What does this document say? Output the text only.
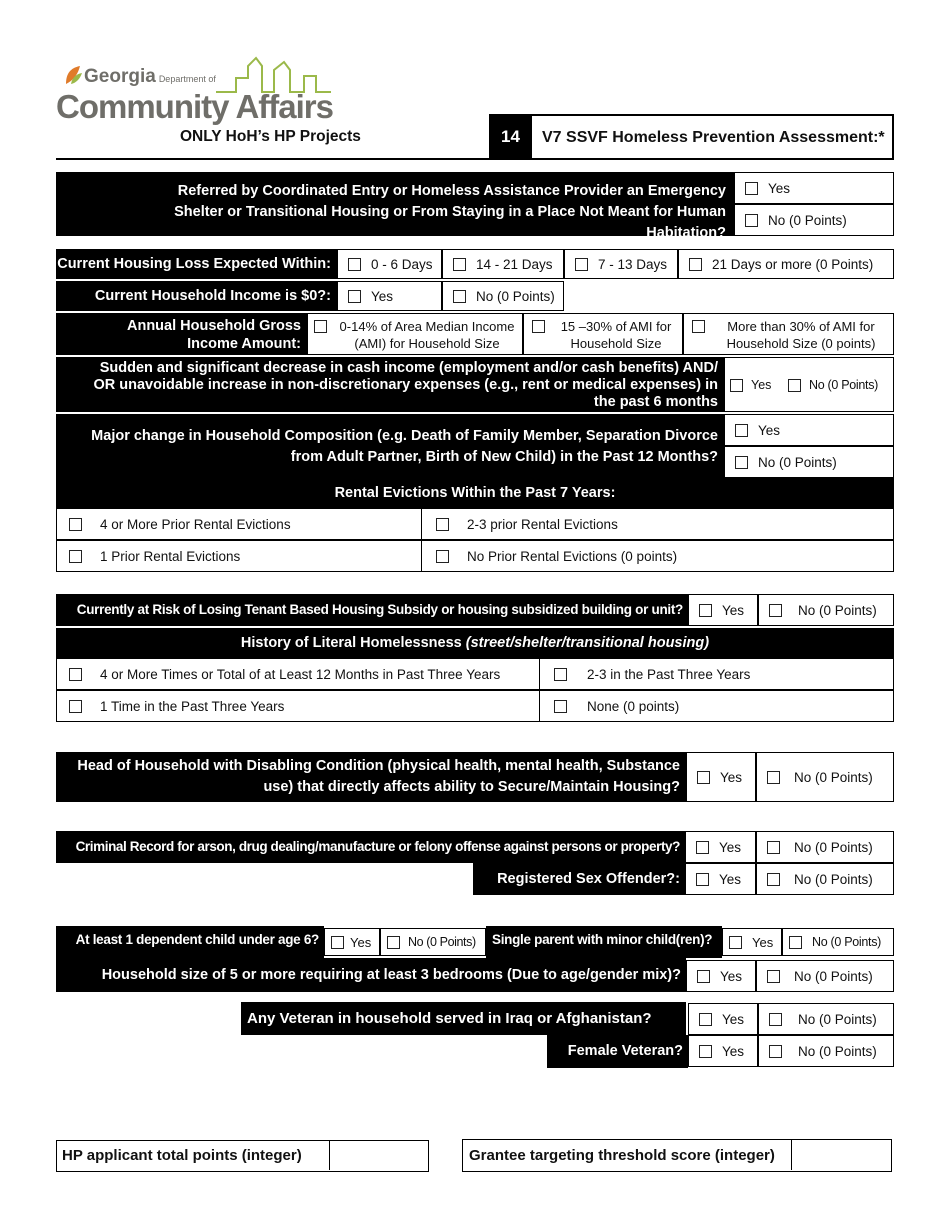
Georgia Department of
Community Affairs
ONLY HoH’s HP Projects	14	V7 SSVF Homeless Prevention Assessment:*
Referred by Coordinated Entry or Homeless Assistance Provider an Emergency Shelter or Transitional Housing or From Staying in a Place Not Meant for Human Habitation?
Yes
No (0 Points)
Current Housing Loss Expected Within:	0 - 6 Days	14 - 21 Days	7 - 13 Days	21 Days or more (0 Points)
Current Household Income is $0?:	Yes	No (0 Points)
Annual Household Gross Income Amount:
0-14% of Area Median Income (AMI) for Household Size
15 –30% of AMI for Household Size
More than 30% of AMI for Household Size (0 points)
Sudden and significant decrease in cash income (employment and/or cash benefits) AND/ OR unavoidable increase in non-discretionary expenses (e.g., rent or medical expenses) in the past 6 months
Yes	No (0 Points)
Major change in Household Composition (e.g. Death of Family Member, Separation Divorce from Adult Partner, Birth of New Child) in the Past 12 Months?
Yes
No (0 Points)
Rental Evictions Within the Past 7 Years:
4 or More Prior Rental Evictions	2-3 prior Rental Evictions
1 Prior Rental Evictions	No Prior Rental Evictions (0 points)
Currently at Risk of Losing Tenant Based Housing Subsidy or housing subsidized building or unit?	Yes	No (0 Points)
History of Literal Homelessness (street/shelter/transitional housing)
4 or More Times or Total of at Least 12 Months in Past Three Years	2-3 in the Past Three Years
1 Time in the Past Three Years	None (0 points)
Head of Household with Disabling Condition (physical health, mental health, Substance use) that directly affects ability to Secure/Maintain Housing?
Yes	No (0 Points)
Criminal Record for arson, drug dealing/manufacture or felony offense against persons or property?	Yes	No (0 Points)
Registered Sex Offender?:	Yes	No (0 Points)
At least 1 dependent child under age 6?	Yes	No (0 Points)	Single parent with minor child(ren)?	Yes	No (0 Points)
Household size of 5 or more requiring at least 3 bedrooms (Due to age/gender mix)?	Yes	No (0 Points)
Any Veteran in household served in Iraq or Afghanistan?	Yes	No (0 Points)
Female Veteran?	Yes	No (0 Points)
HP applicant total points (integer)	Grantee targeting threshold score (integer)
